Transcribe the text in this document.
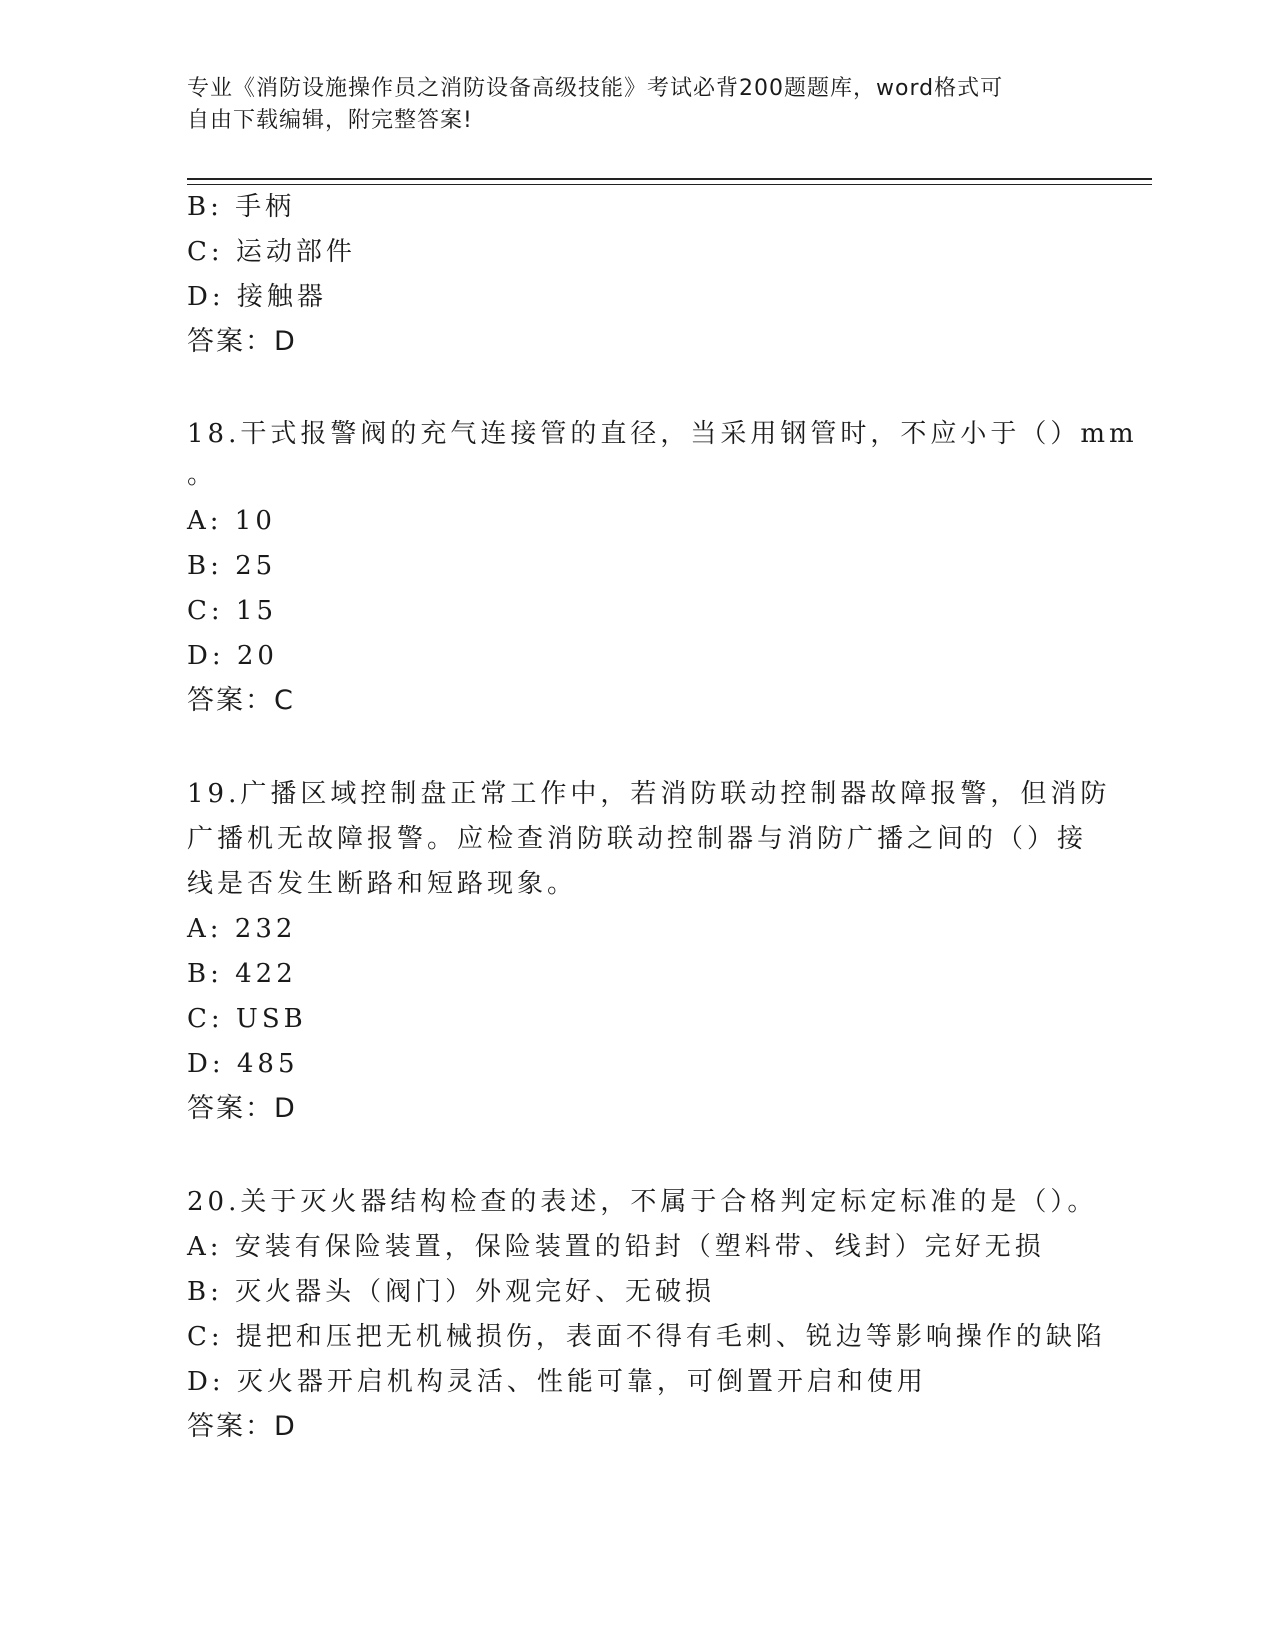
专业《消防设施操作员之消防设备高级技能》考试必背200题题库，word格式可
自由下载编辑，附完整答案!
B: 手柄
C: 运动部件
D: 接触器
答案：D
18.干式报警阀的充气连接管的直径，当采用钢管时，不应小于（）mm
。
A: 10
B: 25
C: 15
D: 20
答案：C
19.广播区域控制盘正常工作中，若消防联动控制器故障报警，但消防
广播机无故障报警。应检查消防联动控制器与消防广播之间的（）接
线是否发生断路和短路现象。
A: 232
B: 422
C: USB
D: 485
答案：D
20.关于灭火器结构检查的表述，不属于合格判定标定标准的是（）。
A: 安装有保险装置，保险装置的铅封（塑料带、线封）完好无损
B: 灭火器头（阀门）外观完好、无破损
C: 提把和压把无机械损伤，表面不得有毛刺、锐边等影响操作的缺陷
D: 灭火器开启机构灵活、性能可靠，可倒置开启和使用
答案：D
